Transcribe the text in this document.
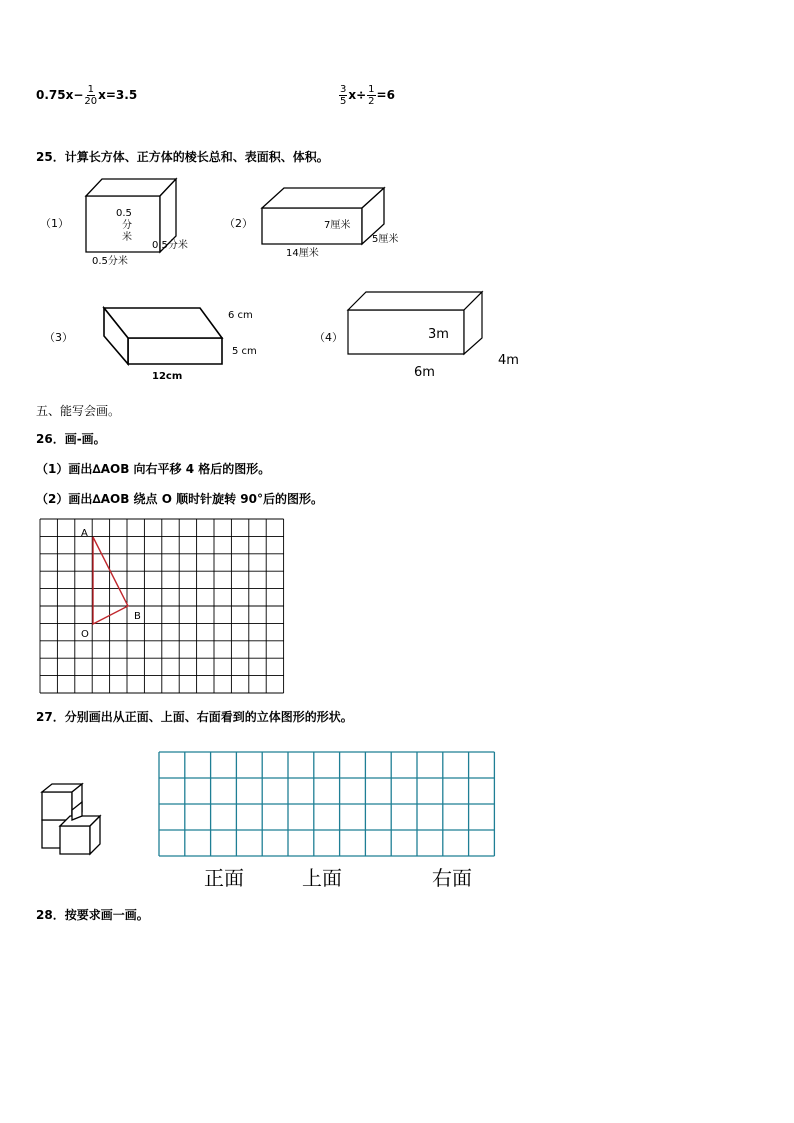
$0.75x- \frac{1}{20} x=3.5$	$\frac{3}{5} x\div \frac{1}{2} =6$
25．计算长方体、正方体的棱长总和、表面积、体积。
（1）
0.5
分
米
0.5分米
0.5分米
（2）	7厘米
5厘米
14厘米
（3）
6 cm
5 cm
12cm
（4）	3m
4m
6m
五、能写会画。
26．画-画。
（1）画出∆AOB 向右平移 4 格后的图形。
（2）画出∆AOB 绕点 O 顺时针旋转 90°后的图形。
A
B
O
27．分别画出从正面、上面、右面看到的立体图形的形状。
正面	上面	右面
28．按要求画一画。
